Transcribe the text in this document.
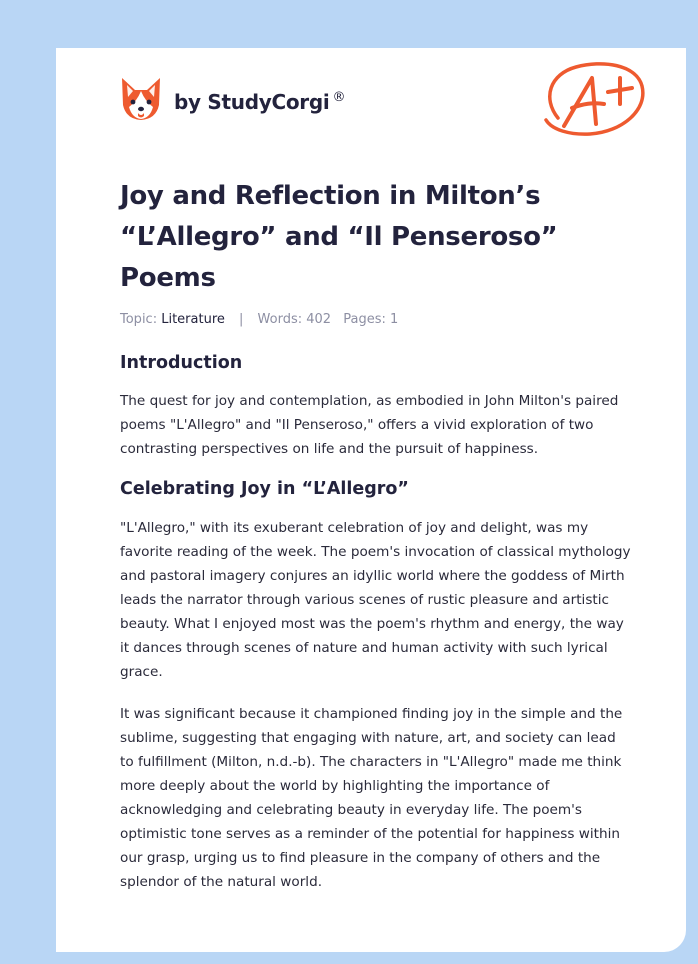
by StudyCorgi ®
Joy and Reflection in Milton’s “L’Allegro” and “Il Penseroso” Poems
Topic: Literature | Words: 402 Pages: 1
Introduction

The quest for joy and contemplation, as embodied in John Milton's paired poems "L'Allegro" and "Il Penseroso," offers a vivid exploration of two contrasting perspectives on life and the pursuit of happiness.

Celebrating Joy in “L’Allegro”

"L'Allegro," with its exuberant celebration of joy and delight, was my favorite reading of the week. The poem's invocation of classical mythology and pastoral imagery conjures an idyllic world where the goddess of Mirth leads the narrator through various scenes of rustic pleasure and artistic beauty. What I enjoyed most was the poem's rhythm and energy, the way it dances through scenes of nature and human activity with such lyrical grace.

It was significant because it championed finding joy in the simple and the sublime, suggesting that engaging with nature, art, and society can lead to fulfillment (Milton, n.d.-b). The characters in "L'Allegro" made me think more deeply about the world by highlighting the importance of acknowledging and celebrating beauty in everyday life. The poem's optimistic tone serves as a reminder of the potential for happiness within our grasp, urging us to find pleasure in the company of others and the splendor of the natural world.
